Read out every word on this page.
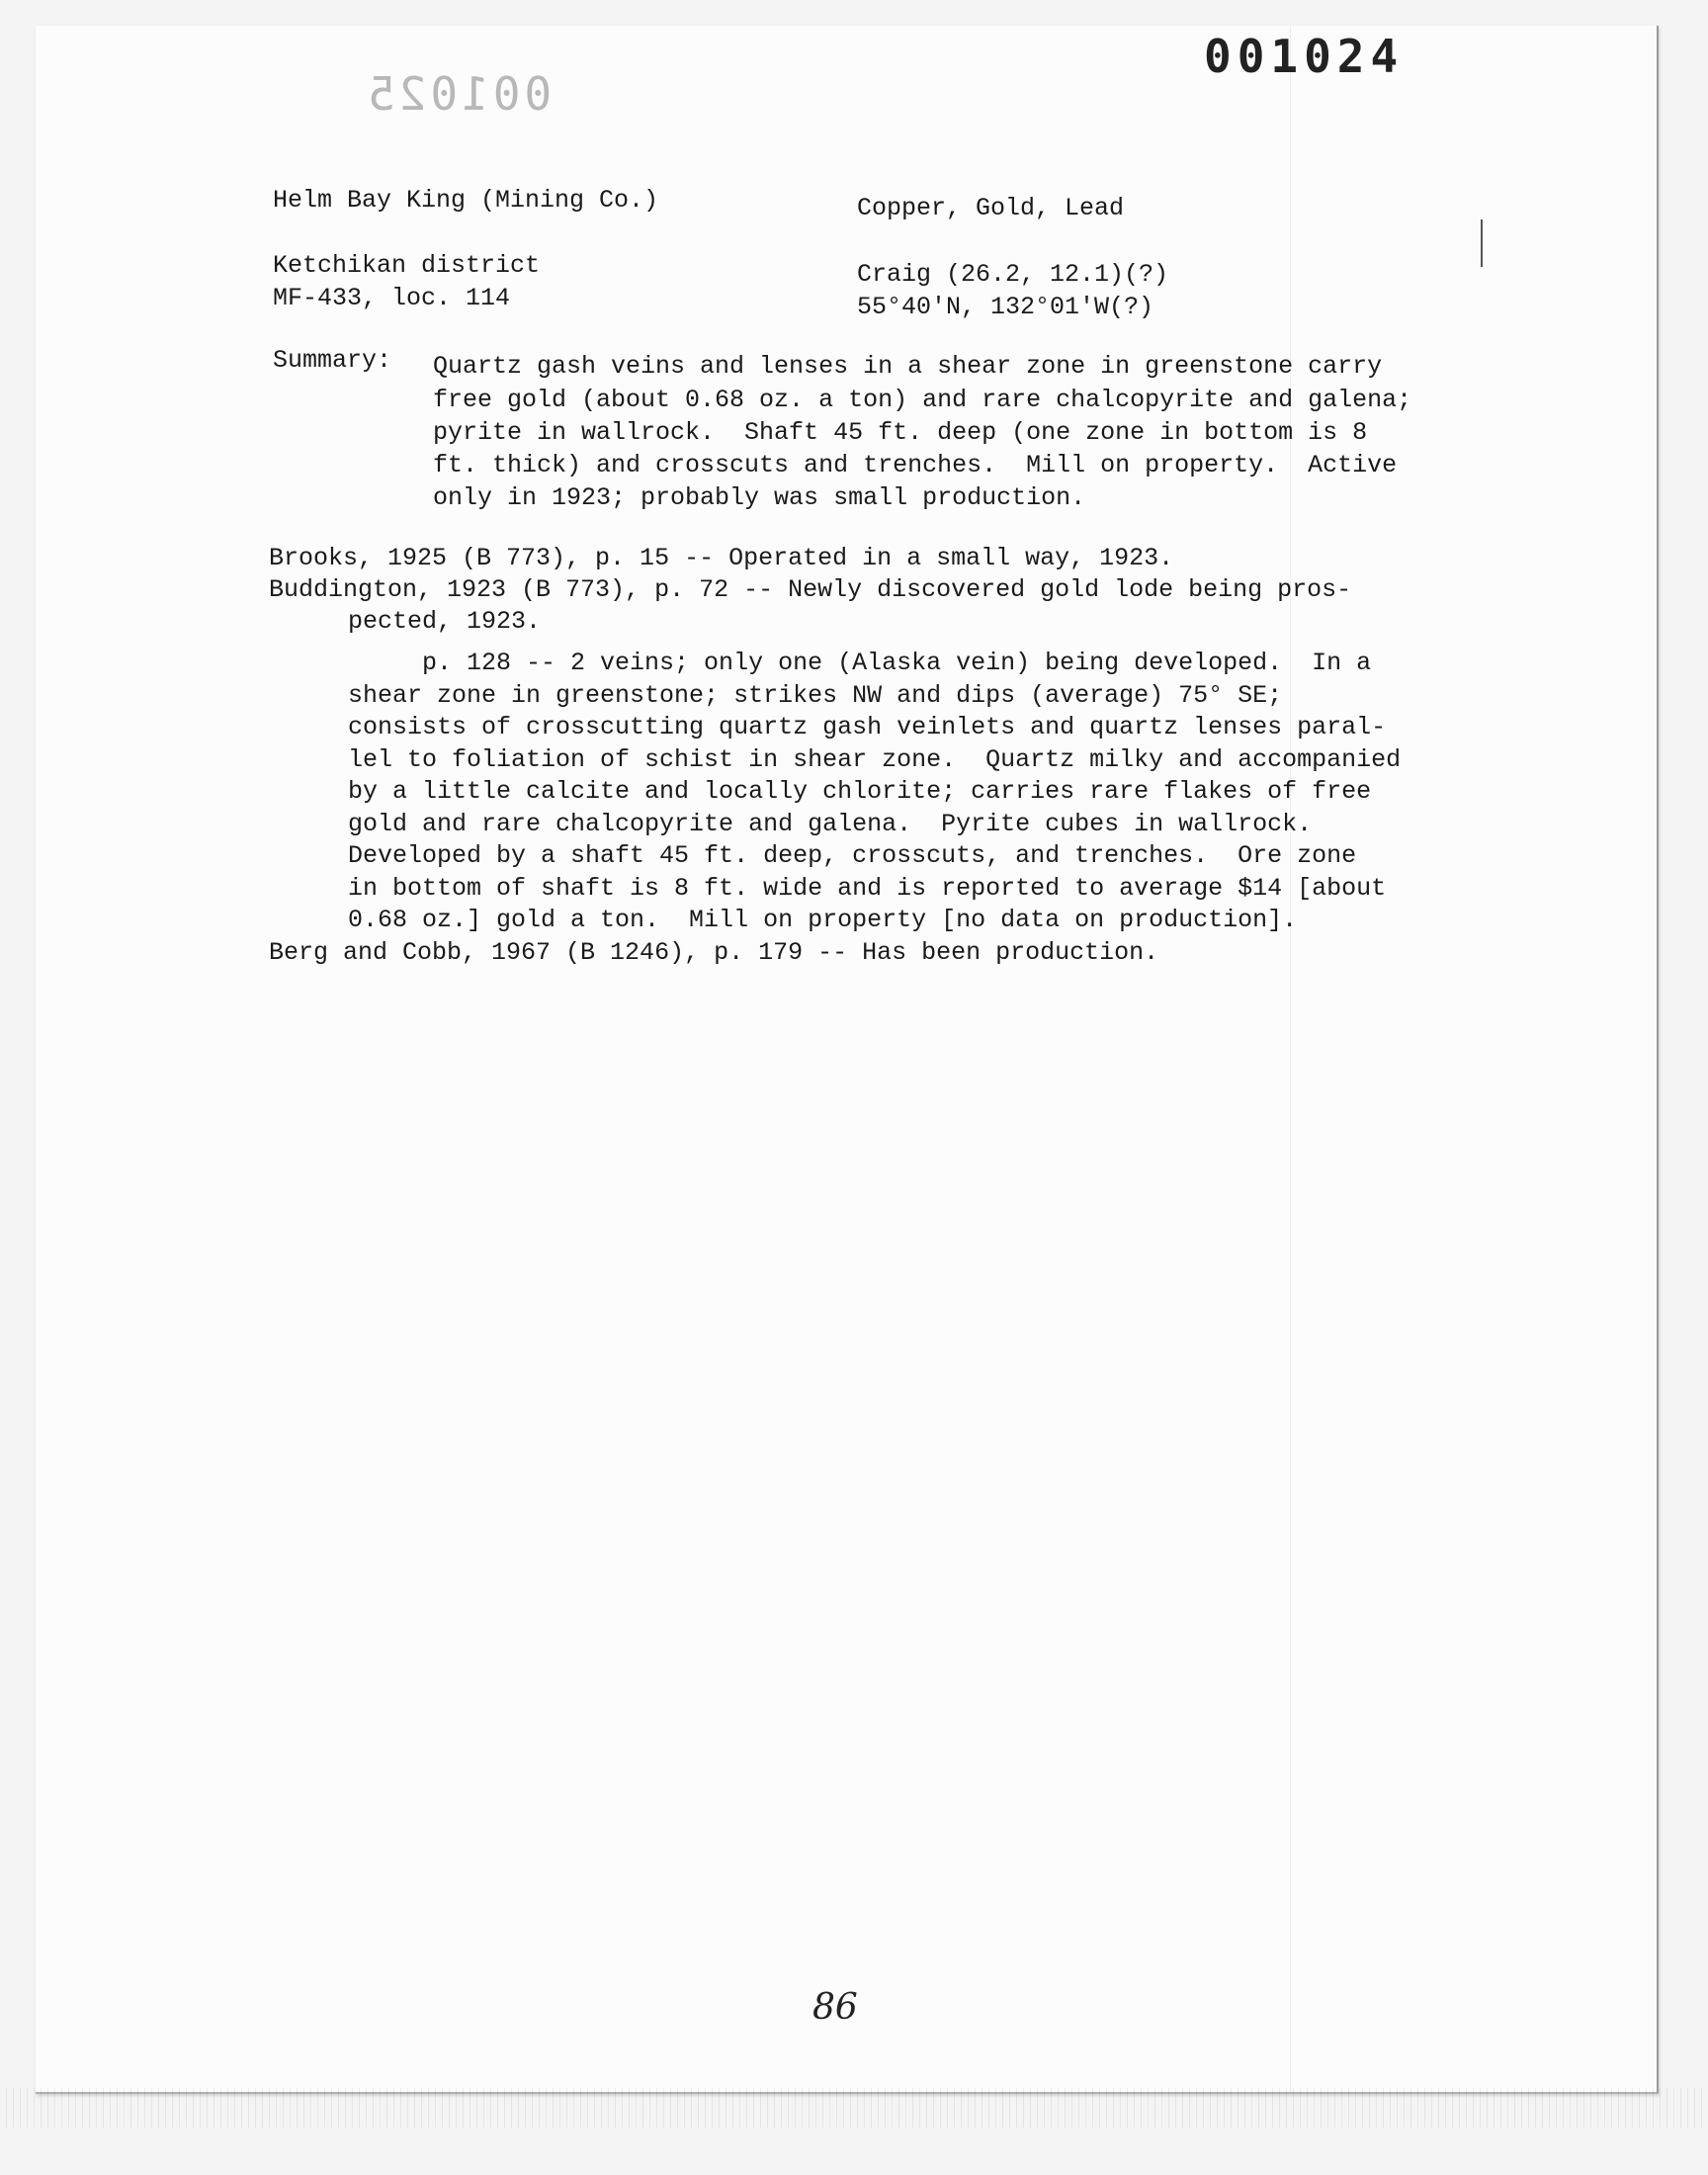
001025
001024
Helm Bay King (Mining Co.)	Copper, Gold, Lead
Ketchikan district	Craig (26.2, 12.1)(?)
MF-433, loc. 114	55°40'N, 132°01'W(?)
Summary: Quartz gash veins and lenses in a shear zone in greenstone carry
free gold (about 0.68 oz. a ton) and rare chalcopyrite and galena;
pyrite in wallrock.  Shaft 45 ft. deep (one zone in bottom is 8
ft. thick) and crosscuts and trenches.  Mill on property.  Active
only in 1923; probably was small production.
Brooks, 1925 (B 773), p. 15 -- Operated in a small way, 1923.
Buddington, 1923 (B 773), p. 72 -- Newly discovered gold lode being pros-
pected, 1923.
p. 128 -- 2 veins; only one (Alaska vein) being developed.  In a
shear zone in greenstone; strikes NW and dips (average) 75° SE;
consists of crosscutting quartz gash veinlets and quartz lenses paral-
lel to foliation of schist in shear zone.  Quartz milky and accompanied
by a little calcite and locally chlorite; carries rare flakes of free
gold and rare chalcopyrite and galena.  Pyrite cubes in wallrock.
Developed by a shaft 45 ft. deep, crosscuts, and trenches.  Ore zone
in bottom of shaft is 8 ft. wide and is reported to average $14 [about
0.68 oz.] gold a ton.  Mill on property [no data on production].
Berg and Cobb, 1967 (B 1246), p. 179 -- Has been production.
86
